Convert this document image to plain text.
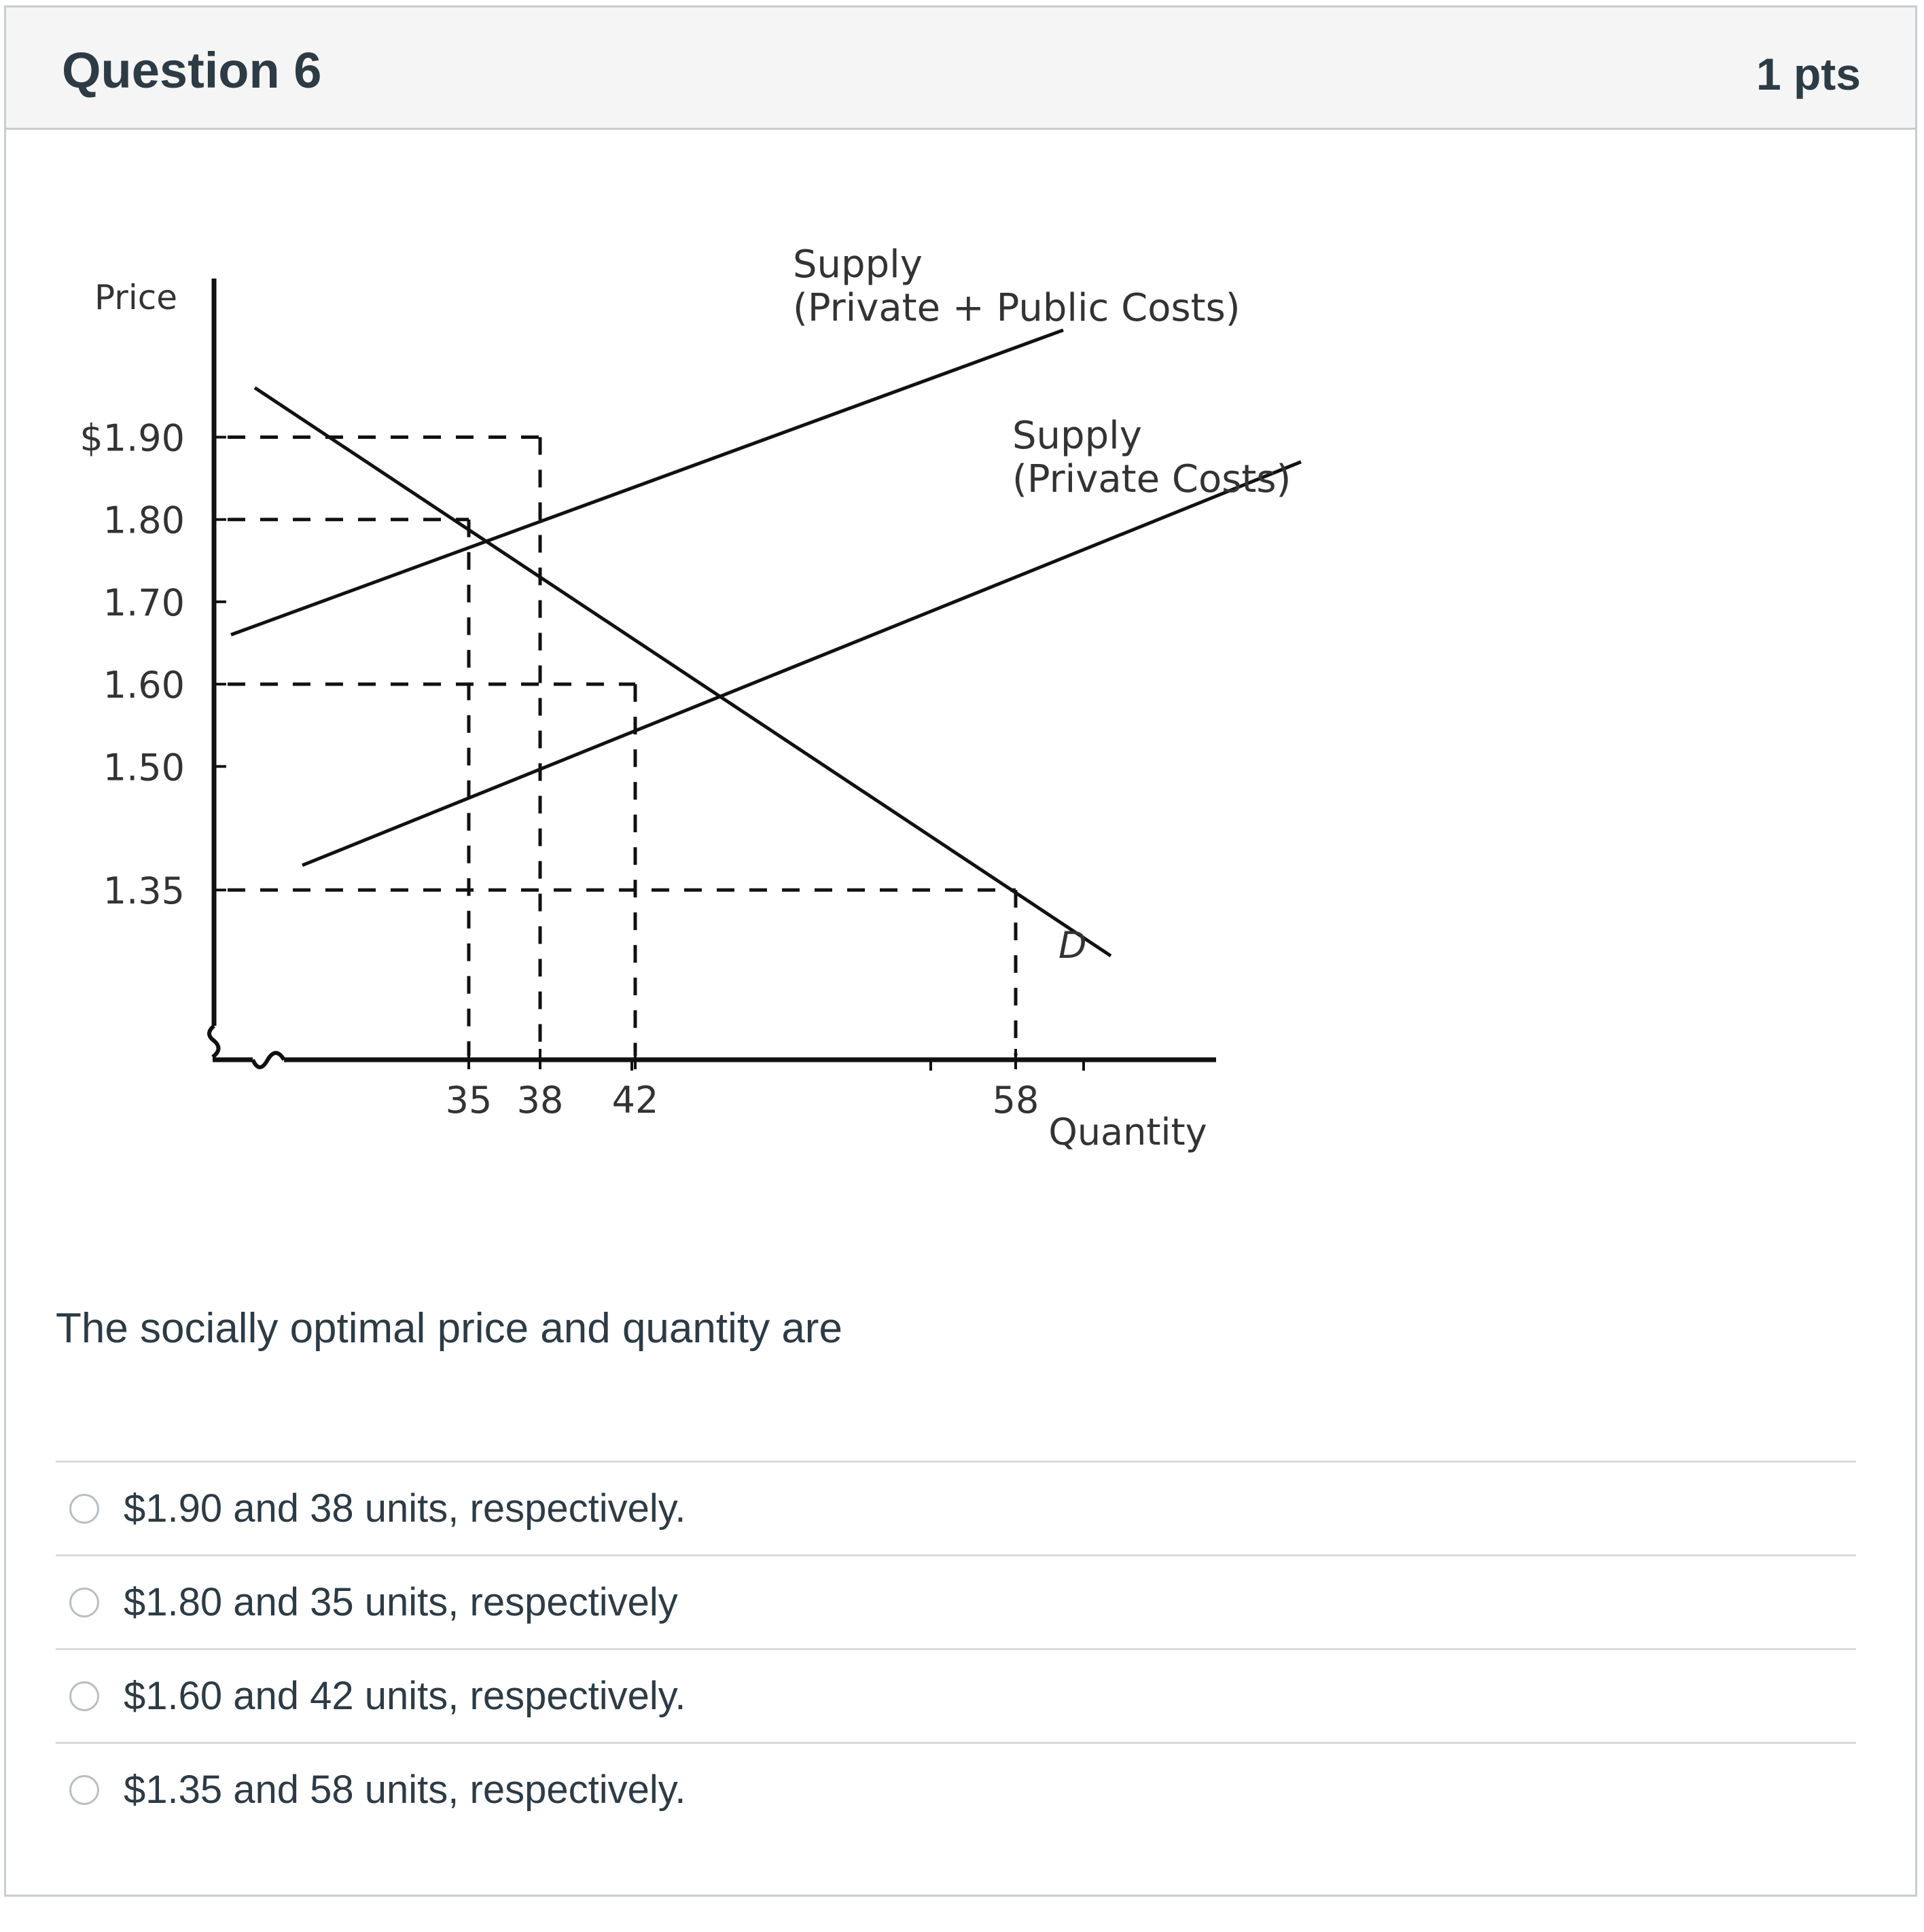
Question 6	1 pts
Price
Quantity
$1.90
1.80
1.70
1.60
1.50
1.35
35 38 42	58
Supply
(Private + Public Costs)
Supply
(Private Costs)
D
The socially optimal price and quantity are
$1.90 and 38 units, respectively.
$1.80 and 35 units, respectively
$1.60 and 42 units, respectively.
$1.35 and 58 units, respectively.
